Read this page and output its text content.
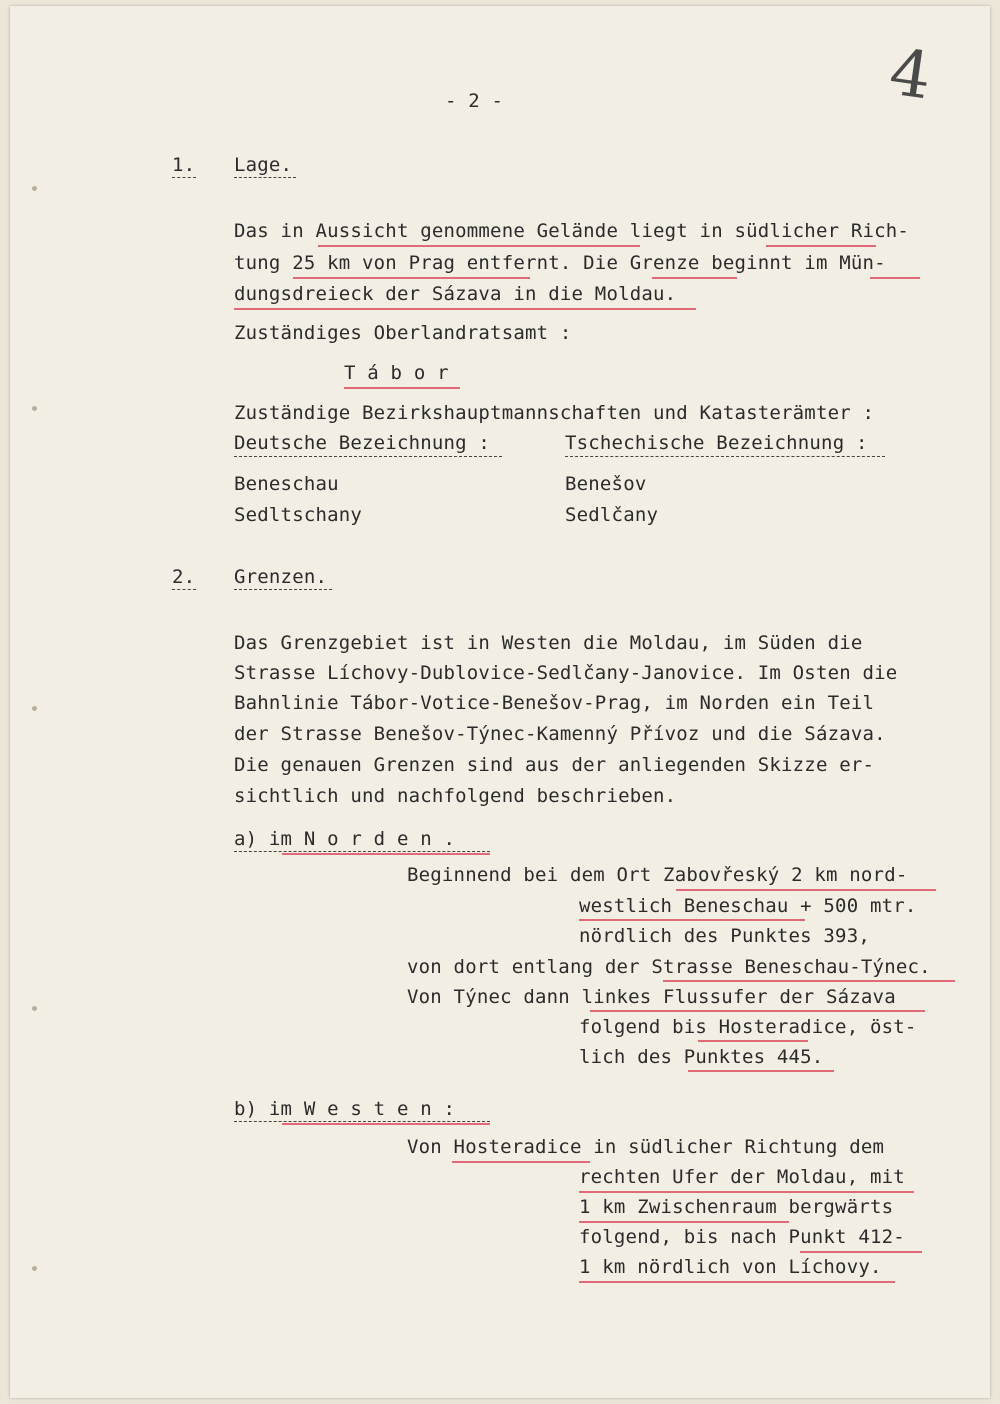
- 2 -	4
1. Lage.
Das in Aussicht genommene Gelände liegt in südlicher Rich-
tung 25 km von Prag entfernt. Die Grenze beginnt im Mün-
dungsdreieck der Sázava in die Moldau.
Zuständiges Oberlandratsamt :
T á b o r
Zuständige Bezirkshauptmannschaften und Katasterämter :
Deutsche Bezeichnung :	Tschechische Bezeichnung :
Beneschau	Benešov
Sedltschany	Sedlčany
2. Grenzen.
Das Grenzgebiet ist in Westen die Moldau, im Süden die
Strasse Líchovy-Dublovice-Sedlčany-Janovice. Im Osten die
Bahnlinie Tábor-Votice-Benešov-Prag, im Norden ein Teil
der Strasse Benešov-Týnec-Kamenný Přívoz und die Sázava.
Die genauen Grenzen sind aus der anliegenden Skizze er-
sichtlich und nachfolgend beschrieben.
a) im N o r d e n .
Beginnend bei dem Ort Zabovřeský 2 km nord-
westlich Beneschau + 500 mtr.
nördlich des Punktes 393,
von dort entlang der Strasse Beneschau-Týnec.
Von Týnec dann linkes Flussufer der Sázava
folgend bis Hosteradice, öst-
lich des Punktes 445.
b) im W e s t e n :
Von Hosteradice in südlicher Richtung dem
rechten Ufer der Moldau, mit
1 km Zwischenraum bergwärts
folgend, bis nach Punkt 412-
1 km nördlich von Líchovy.
